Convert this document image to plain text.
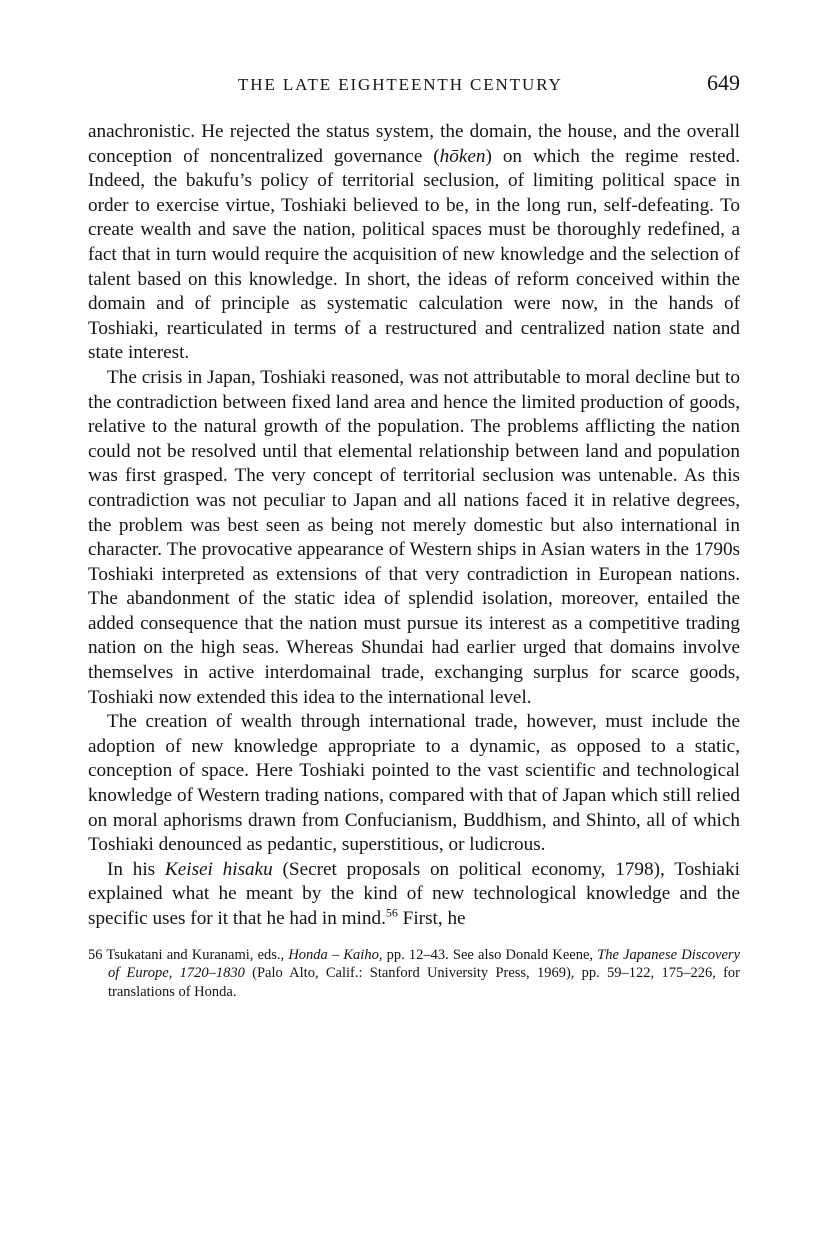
THE LATE EIGHTEENTH CENTURY	649

anachronistic. He rejected the status system, the domain, the house, and the overall conception of noncentralized governance (hōken) on which the regime rested. Indeed, the bakufu’s policy of territorial seclusion, of limiting political space in order to exercise virtue, Toshiaki believed to be, in the long run, self-defeating. To create wealth and save the nation, political spaces must be thoroughly redefined, a fact that in turn would require the acquisition of new knowledge and the selection of talent based on this knowledge. In short, the ideas of reform conceived within the domain and of principle as systematic calculation were now, in the hands of Toshiaki, rearticulated in terms of a restructured and centralized nation state and state interest.

The crisis in Japan, Toshiaki reasoned, was not attributable to moral decline but to the contradiction between fixed land area and hence the limited production of goods, relative to the natural growth of the population. The problems afflicting the nation could not be resolved until that elemental relationship between land and population was first grasped. The very concept of territorial seclusion was untenable. As this contradiction was not peculiar to Japan and all nations faced it in relative degrees, the problem was best seen as being not merely domestic but also international in character. The provocative appearance of Western ships in Asian waters in the 1790s Toshiaki interpreted as extensions of that very contradiction in European nations. The abandonment of the static idea of splendid isolation, moreover, entailed the added consequence that the nation must pursue its interest as a competitive trading nation on the high seas. Whereas Shundai had earlier urged that domains involve themselves in active interdomainal trade, exchanging surplus for scarce goods, Toshiaki now extended this idea to the international level.

The creation of wealth through international trade, however, must include the adoption of new knowledge appropriate to a dynamic, as opposed to a static, conception of space. Here Toshiaki pointed to the vast scientific and technological knowledge of Western trading nations, compared with that of Japan which still relied on moral aphorisms drawn from Confucianism, Buddhism, and Shinto, all of which Toshiaki denounced as pedantic, superstitious, or ludicrous.

In his Keisei hisaku (Secret proposals on political economy, 1798), Toshiaki explained what he meant by the kind of new technological knowledge and the specific uses for it that he had in mind.$^{56}$ First, he

56 Tsukatani and Kuranami, eds., Honda – Kaiho, pp. 12–43. See also Donald Keene, The Japanese Discovery of Europe, 1720–1830 (Palo Alto, Calif.: Stanford University Press, 1969), pp. 59–122, 175–226, for translations of Honda.
